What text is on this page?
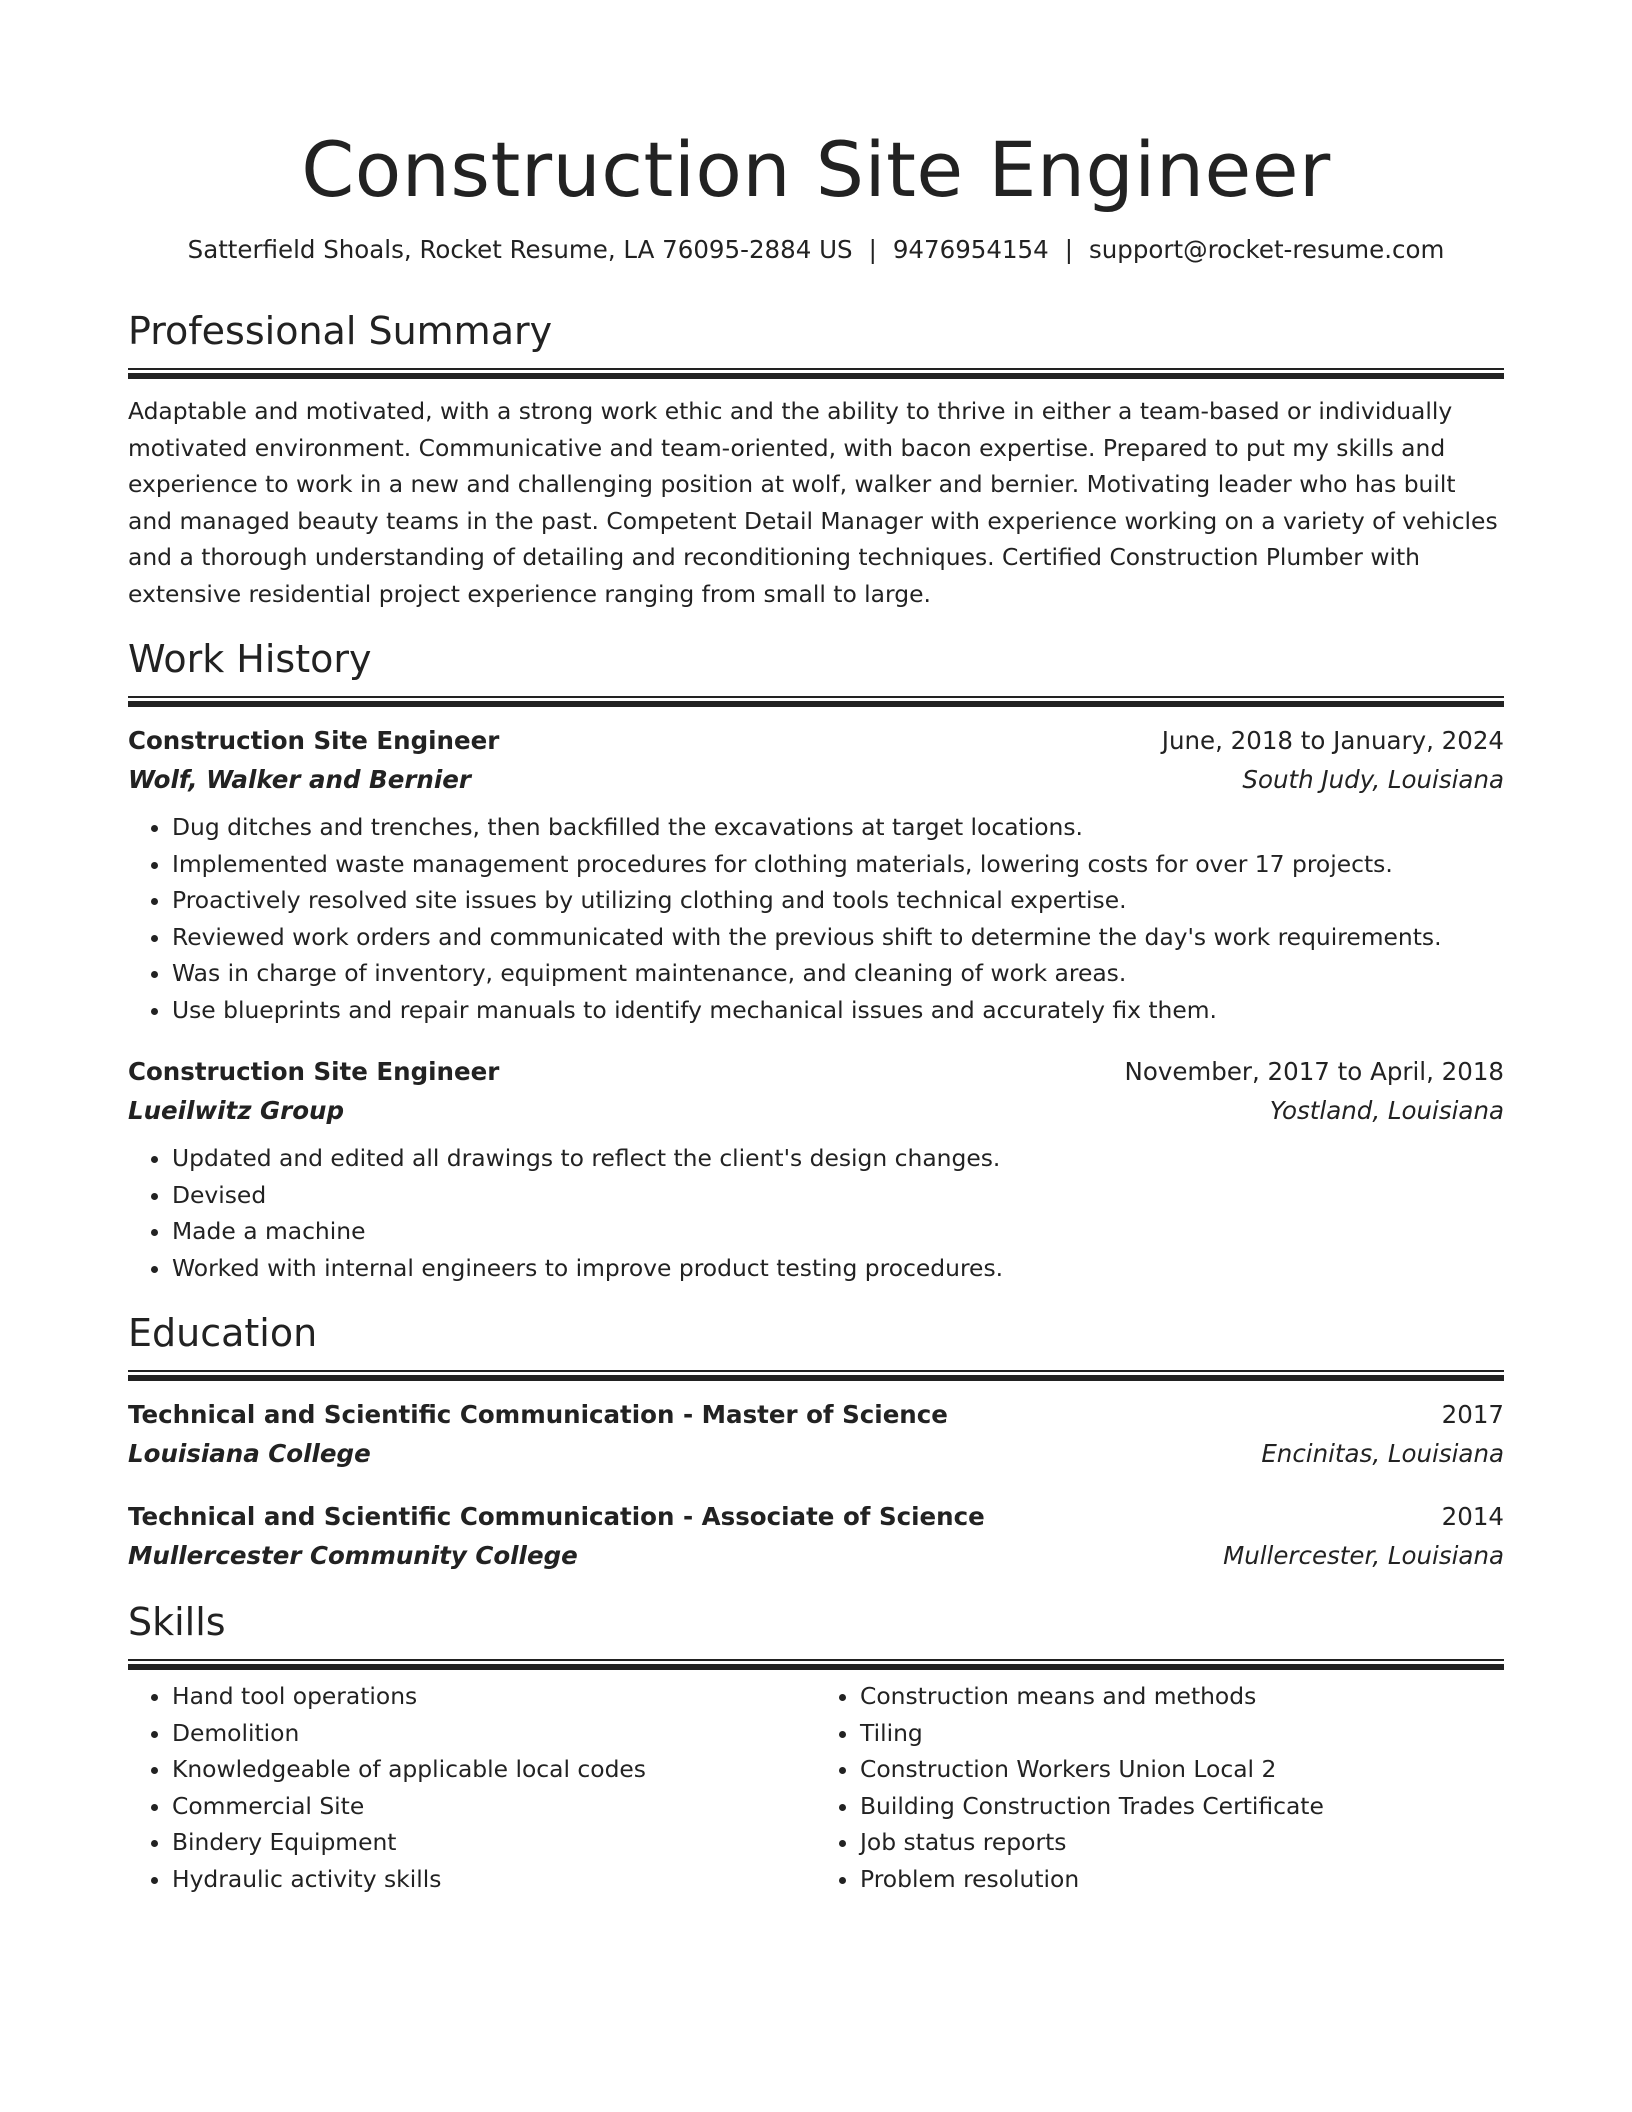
Construction Site Engineer
Satterfield Shoals, Rocket Resume, LA 76095-2884 US | 9476954154 | support@rocket-resume.com
Professional Summary
Adaptable and motivated, with a strong work ethic and the ability to thrive in either a team-based or individually motivated environment. Communicative and team-oriented, with bacon expertise. Prepared to put my skills and experience to work in a new and challenging position at wolf, walker and bernier. Motivating leader who has built and managed beauty teams in the past. Competent Detail Manager with experience working on a variety of vehicles and a thorough understanding of detailing and reconditioning techniques. Certified Construction Plumber with extensive residential project experience ranging from small to large.
Work History
Construction Site Engineer	June, 2018 to January, 2024
Wolf, Walker and Bernier	South Judy, Louisiana
• Dug ditches and trenches, then backfilled the excavations at target locations.
• Implemented waste management procedures for clothing materials, lowering costs for over 17 projects.
• Proactively resolved site issues by utilizing clothing and tools technical expertise.
• Reviewed work orders and communicated with the previous shift to determine the day's work requirements.
• Was in charge of inventory, equipment maintenance, and cleaning of work areas.
• Use blueprints and repair manuals to identify mechanical issues and accurately fix them.
Construction Site Engineer	November, 2017 to April, 2018
Lueilwitz Group	Yostland, Louisiana
• Updated and edited all drawings to reflect the client's design changes.
• Devised
• Made a machine
• Worked with internal engineers to improve product testing procedures.
Education
Technical and Scientific Communication - Master of Science	2017
Louisiana College	Encinitas, Louisiana
Technical and Scientific Communication - Associate of Science	2014
Mullercester Community College	Mullercester, Louisiana
Skills
• Hand tool operations
• Demolition
• Knowledgeable of applicable local codes
• Commercial Site
• Bindery Equipment
• Hydraulic activity skills
• Construction means and methods
• Tiling
• Construction Workers Union Local 2
• Building Construction Trades Certificate
• Job status reports
• Problem resolution
